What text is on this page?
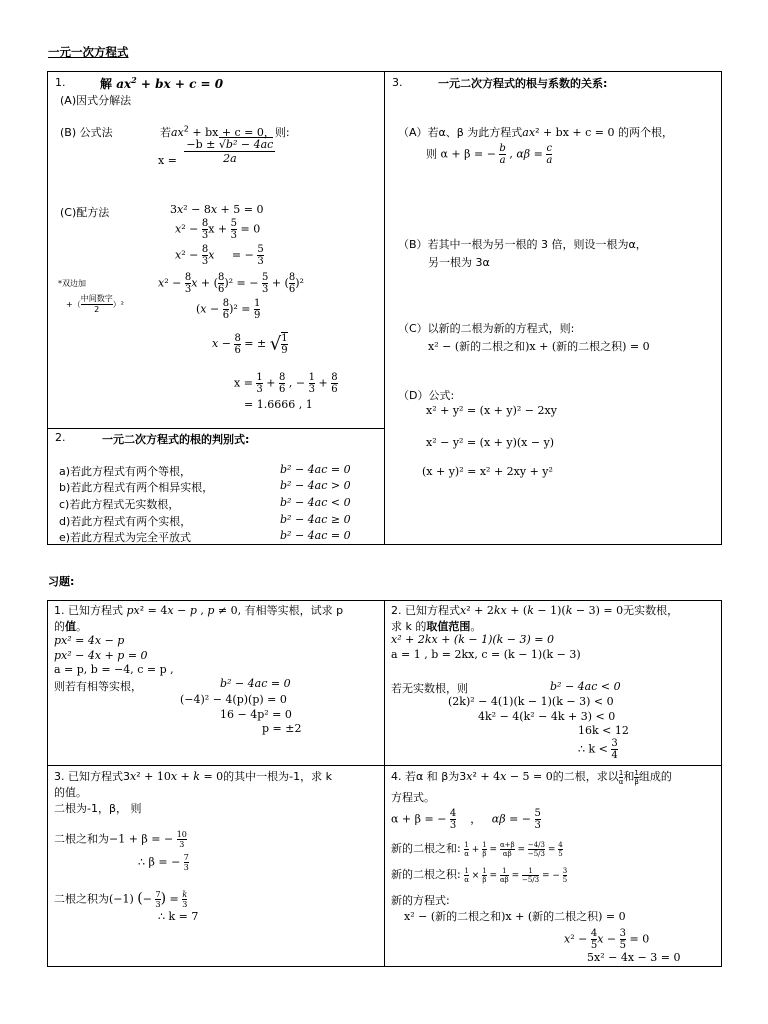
一元一次方程式
1.	解 $ax^2$ + bx + c = 0
(A)因式分解法
(B) 公式法	若$ax^2$ + bx + c = 0，则:
$x = \frac{\text{−b ± √b² − 4ac}}{2a}$
(C)配方法	3x² − 8x + 5 = 0
$x^2 - \frac{8}{3}$ $x + \frac{5}{3} = 0$
$x^2 - \frac{8}{3}$ x     = − $\frac{5}{3}$
$x^2 - \frac{8}{3}$ x + ( $\frac{8}{6} )^2$ = − $\frac{5}{3}$ + ( $\frac{8}{6} )^2$
$(x - \frac{8}{6} )^2 = \frac{1}{9}$
$x - \frac{8}{6}$ = ± √ $\frac{1}{9}$
$x = \frac{1}{3} + \frac{8}{6}$ , − $\frac{1}{3} + \frac{8}{6}$
= 1.6666 , 1
*双边加
+（
中间数字
2
）²
2.	一元二次方程式的根的判别式:
a)若此方程式有两个等根，	b² − 4ac = 0
b)若此方程式有两个相异实根，	b² − 4ac > 0
c)若此方程式无实数根，	b² − 4ac < 0
d)若此方程式有两个实根，	b² − 4ac ≥ 0
e)若此方程式为完全平放式	b² − 4ac = 0
3.	一元二次方程式的根与系数的关系:
（A）若α、β 为此方程式ax² + bx + c = 0 的两个根，
则 α + β = − $\frac{b}{a}$ , $\alpha\beta = \frac{c}{a}$
（B）若其中一根为另一根的 3 倍，则设一根为α，
另一根为 3α
（C）以新的二根为新的方程式，则:
x² − (新的二根之和)x + (新的二根之积) = 0
（D）公式:
x² + y² = (x + y)² − 2xy
x² − y² = (x + y)(x − y)
(x + y)² = x² + 2xy + y²
习题:
1. 已知方程式 px² = 4x − p , p ≠ 0, 有相等实根，试求 p
的值。
px² = 4x − p
px² − 4x + p = 0
a = p, b = −4, c = p ,
则若有相等实根，	b² − 4ac = 0
(−4)² − 4(p)(p) = 0
16 − 4p² = 0
p = ±2
2. 已知方程式x² + 2kx + (k − 1)(k − 3) = 0无实数根，
求 k 的取值范围。
x² + 2kx + (k − 1)(k − 3) = 0
a = 1 , b = 2kx, c = (k − 1)(k − 3)
若无实数根，则	b² − 4ac < 0
(2k)² − 4(1)(k − 1)(k − 3) < 0
4k² − 4(k² − 4k + 3) < 0
16k < 12
∴ $k < \frac{3}{4}$
3. 已知方程式3x² + 10x + k = 0的其中一根为-1，求 k
的值。
二根为-1，β， 则
二根之和为−1 + β = − $\frac{10}{3}$
∴ β = − $\frac{7}{3}$
二根之积为(−1) (− $\frac{7}{3}$ ) = $\frac{k}{3}$
∴ k = 7
4. 若α 和 β为3x² + 4x − 5 = 0的二根，求以 $\frac{1}{\alpha}$ 和 $\frac{1}{\beta}$ 组成的
方程式。
α + β = − $\frac{4}{3}$ ，   αβ = − $\frac{5}{3}$
新的二根之和: $\frac{1}{\alpha} + \frac{1}{\beta} = \frac{\alpha+\beta}{\alpha\beta} = \frac{-4/3}{-5/3} = \frac{4}{5}$
新的二根之积: $\frac{1}{\alpha} \times \frac{1}{\beta} = \frac{1}{\alpha\beta} = \frac{1}{-5/3}$ = − $\frac{3}{5}$
新的方程式:
x² − (新的二根之和)x + (新的二根之积) = 0
$x^2 - \frac{4}{5}$ $x - \frac{3}{5} = 0$
5x² − 4x − 3 = 0
